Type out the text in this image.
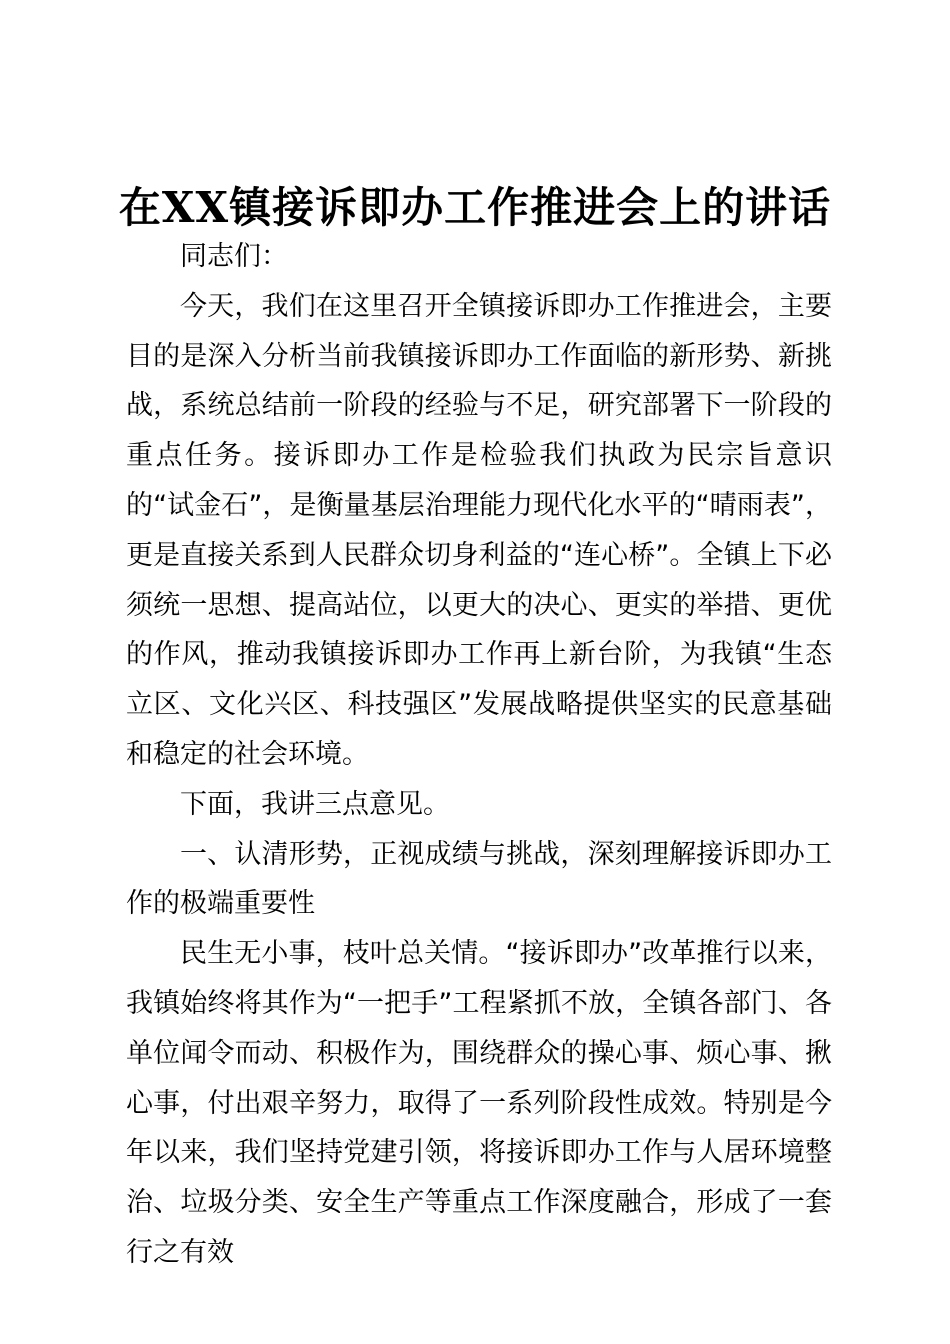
在XX镇接诉即办工作推进会上的讲话

同志们：

今天，我们在这里召开全镇接诉即办工作推进会，主要目的是深入分析当前我镇接诉即办工作面临的新形势、新挑战，系统总结前一阶段的经验与不足，研究部署下一阶段的重点任务。接诉即办工作是检验我们执政为民宗旨意识的“试金石”，是衡量基层治理能力现代化水平的“晴雨表”，更是直接关系到人民群众切身利益的“连心桥”。全镇上下必须统一思想、提高站位，以更大的决心、更实的举措、更优的作风，推动我镇接诉即办工作再上新台阶，为我镇“生态立区、文化兴区、科技强区”发展战略提供坚实的民意基础和稳定的社会环境。

下面，我讲三点意见。

一、认清形势，正视成绩与挑战，深刻理解接诉即办工作的极端重要性

民生无小事，枝叶总关情。“接诉即办”改革推行以来，我镇始终将其作为“一把手”工程紧抓不放，全镇各部门、各单位闻令而动、积极作为，围绕群众的操心事、烦心事、揪心事，付出艰辛努力，取得了一系列阶段性成效。特别是今年以来，我们坚持党建引领，将接诉即办工作与人居环境整治、垃圾分类、安全生产等重点工作深度融合，形成了一套行之有效
